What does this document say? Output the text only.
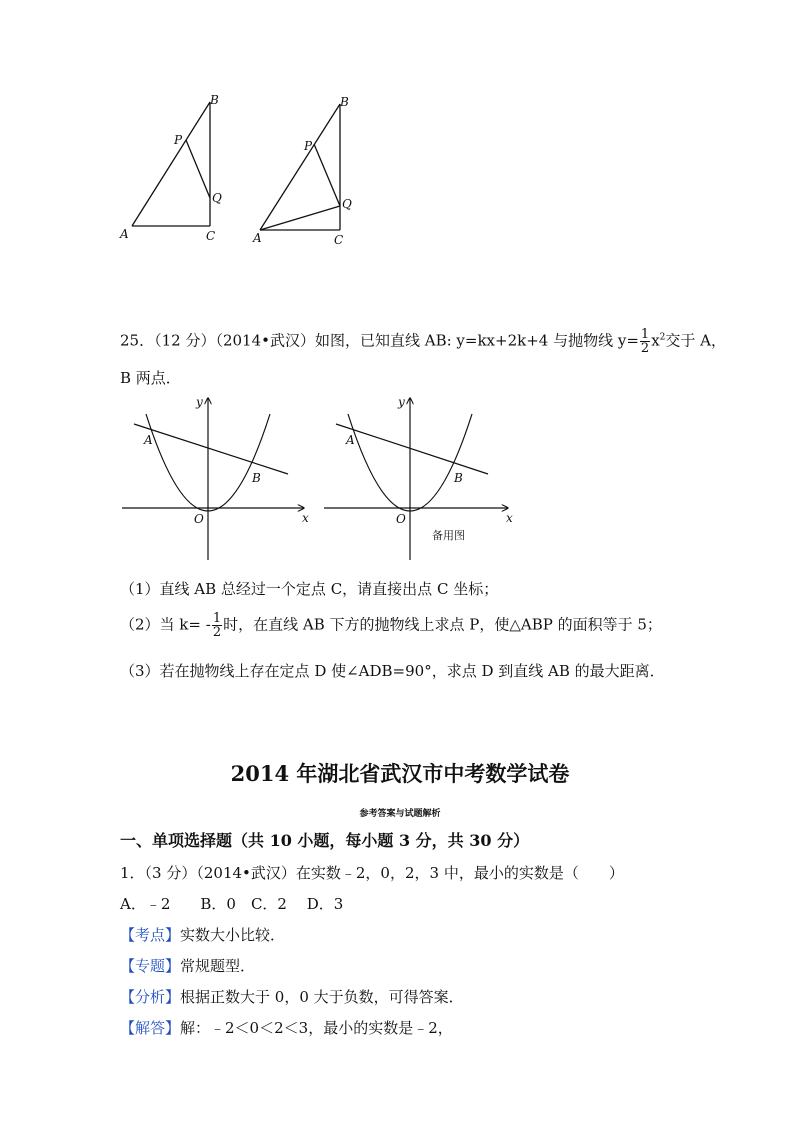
A
B
C
P
Q
A
B
C
P
Q
25．（12 分）（2014•武汉）如图，已知直线 AB: y=kx+2k+4 与抛物线 $y= \frac{1}{2} x^2$交于 A，
B 两点．
y
x
O
A
B
y
x
O
A
B
备用图
（1）直线 AB 总经过一个定点 C，请直接出点 C 坐标；
（2）当 $k= - \frac{1}{2}$ 时，在直线 AB 下方的抛物线上求点 P，使△ABP 的面积等于 5；
（3）若在抛物线上存在定点 D 使∠ADB=90°，求点 D 到直线 AB 的最大距离．
2014 年湖北省武汉市中考数学试卷
参考答案与试题解析
一、单项选择题（共 10 小题，每小题 3 分，共 30 分）
1．（3 分）（2014•武汉）在实数﹣2，0，2，3 中，最小的实数是（　　）
A．﹣2　　B．0　C．2　 D．3
【考点】实数大小比较．
【专题】常规题型．
【分析】根据正数大于 0，0 大于负数，可得答案．
【解答】解：﹣2＜0＜2＜3，最小的实数是﹣2，
